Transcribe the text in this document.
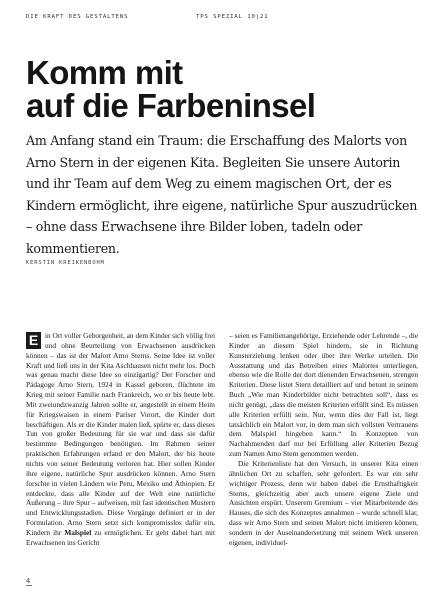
DIE KRAFT DES GESTALTENS	TPS SPEZIAL 10|21
Komm mit
auf die Farbeninsel

Am Anfang stand ein Traum: die Erschaffung des Malorts von Arno Stern in der eigenen Kita. Begleiten Sie unsere Autorin und ihr Team auf dem Weg zu einem magischen Ort, der es Kindern ermöglicht, ihre eigene, natürliche Spur auszudrücken – ohne dass Erwachsene ihre Bilder loben, tadeln oder kommentieren.

KERSTIN KREIKENBOHM

E in Ort voller Geborgenheit, an dem Kinder sich völlig frei und ohne Beurteilung von Erwachsenen ausdrücken können – das ist der Malort Arno Sterns. Seine Idee ist voller Kraft und ließ uns in der Kita Aschhausen nicht mehr los. Doch was genau macht diese Idee so einzigartig? Der Forscher und Pädagoge Arno Stern, 1924 in Kassel geboren, flüchtete im Krieg mit seiner Familie nach Frankreich, wo er bis heute lebt. Mit zweiundzwanzig Jahren sollte er, angestellt in einem Heim für Kriegswaisen in einem Pariser Vorort, die Kinder dort beschäftigen. Als er die Kinder malen ließ, spürte er, dass dieses Tun von großer Bedeutung für sie war und dass sie dafür bestimmte Bedingungen benötigten. Im Rahmen seiner praktischen Erfahrungen erfand er den Malort, der bis heute nichts von seiner Bedeutung verloren hat. Hier sollen Kinder ihre eigene, natürliche Spur ausdrücken können. Arno Stern forschte in vielen Ländern wie Peru, Mexiko und Äthiopien. Er entdeckte, dass alle Kinder auf der Welt eine natürliche Äußerung – ihre Spur – aufweisen, mit fast identischen Mustern und Entwicklungsstadien. Diese Vorgänge definiert er in der Formulation. Arno Stern setzt sich kompromisslos dafür ein, Kindern ihr Malspiel zu ermöglichen. Er geht dabei hart mit Erwachsenen ins Gericht

– seien es Familienangehörige, Erziehende oder Lehrende –, die Kinder an diesem Spiel hindern, sie in Richtung Kunsterziehung lenken oder über ihre Werke urteilen. Die Ausstattung und das Betreiben eines Malortes unterliegen, ebenso wie die Rolle der dort dienenden Erwachsenen, strengen Kriterien. Diese listet Stern detailliert auf und betont in seinem Buch „Wie man Kinderbilder nicht betrachten soll“, dass es nicht genügt, „dass die meisten Kriterien erfüllt sind. Es müssen alle Kriterien erfüllt sein. Nur, wenn dies der Fall ist, liegt tatsächlich ein Malort vor, in dem man sich vollsten Vertrauens dem Malspiel hingeben kann.“ In Konzepten von Nachahmenden darf nur bei Erfüllung aller Kriterien Bezug zum Namen Arno Stern genommen werden.

Die Kriterienliste hat den Versuch, in unserer Kita einen ähnlichen Ort zu schaffen, sehr gefordert. Es war ein sehr wichtiger Prozess, denn wir haben dabei die Ernsthaftigkeit Sterns, gleichzeitig aber auch unsere eigene Ziele und Ansichten erspürt. Unserem Gremium – vier Mitarbeitende des Hauses, die sich des Konzeptes annahmen – wurde schnell klar, dass wir Arno Stern und seinen Malort nicht imitieren können, sondern in der Auseinandersetzung mit seinem Werk unseren eigenen, individuel-

4
